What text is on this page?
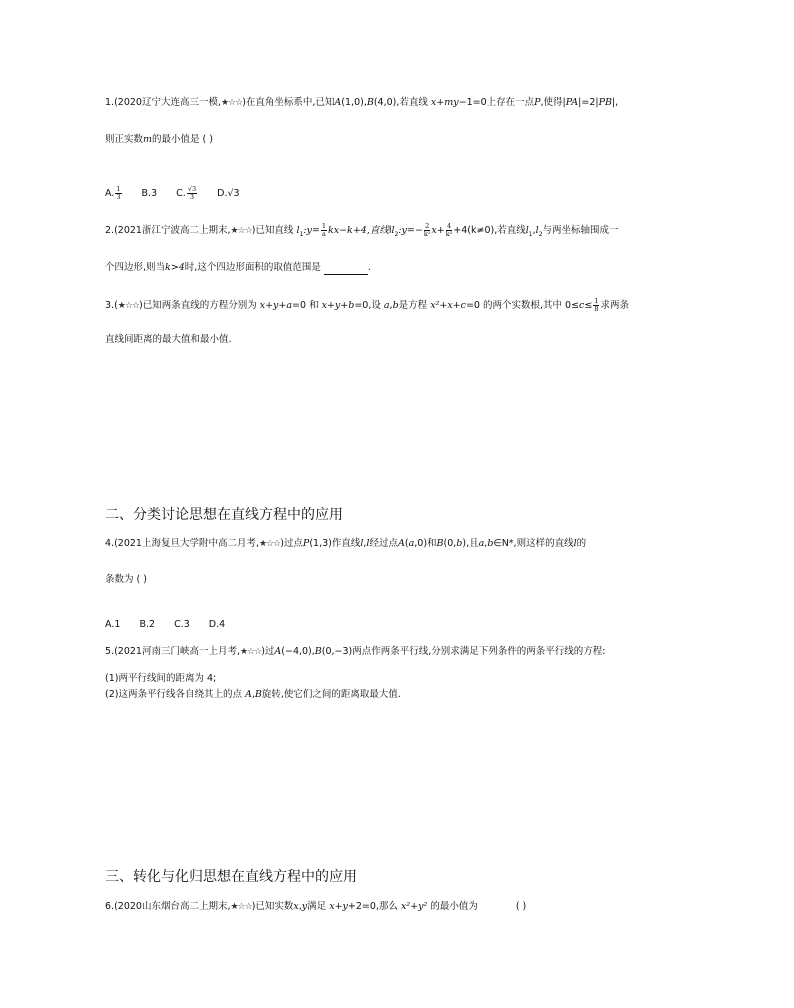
1.(2020辽宁大连高三一模,★☆☆)在直角坐标系中,已知A(1,0),B(4,0),若直线 x+my−1=0上存在一点P,使得|PA|=2|PB|,
则正实数m的最小值是 ( )
A. $\frac{1}{3} B.3$ C. $\frac{√3}{3} D.√3$
2.(2021浙江宁波高二上期末,★☆☆)已知直线 $l_1:y= \frac{1}{a} kx-k+4$,直线$ll_2:y=- \frac{2}{\text{k²}} x+ \frac{4}{\text{k²}} +4(k\ne 0)$,若直线$l_1,l_2$与两坐标轴围成一
个四边形,则当k>4时,这个四边形面积的取值范围是	.
3.(★☆☆)已知两条直线的方程分别为 x+y+a=0 和 x+y+b=0,设 a,b是方程 x²+x+c=0 的两个实数根,其中 $0\le c\le \frac{1}{8}$ 求两条
直线间距离的最大值和最小值.
二、分类讨论思想在直线方程中的应用
4.(2021上海复旦大学附中高二月考,★☆☆)过点P(1,3)作直线l,l经过点A(a,0)和B(0,b),且a,b∈N*,则这样的直线l的
条数为 ( )
A.1 B.2 C.3 D.4
5.(2021河南三门峡高一上月考,★☆☆)过A(−4,0),B(0,−3)两点作两条平行线,分别求满足下列条件的两条平行线的方程:
(1)两平行线间的距离为 4;
(2)这两条平行线各自绕其上的点 A,B旋转,使它们之间的距离取最大值.
三、转化与化归思想在直线方程中的应用
6.(2020山东烟台高二上期末,★☆☆)已知实数x,y满足 x+y+2=0,那么 x²+y² 的最小值为	( )
